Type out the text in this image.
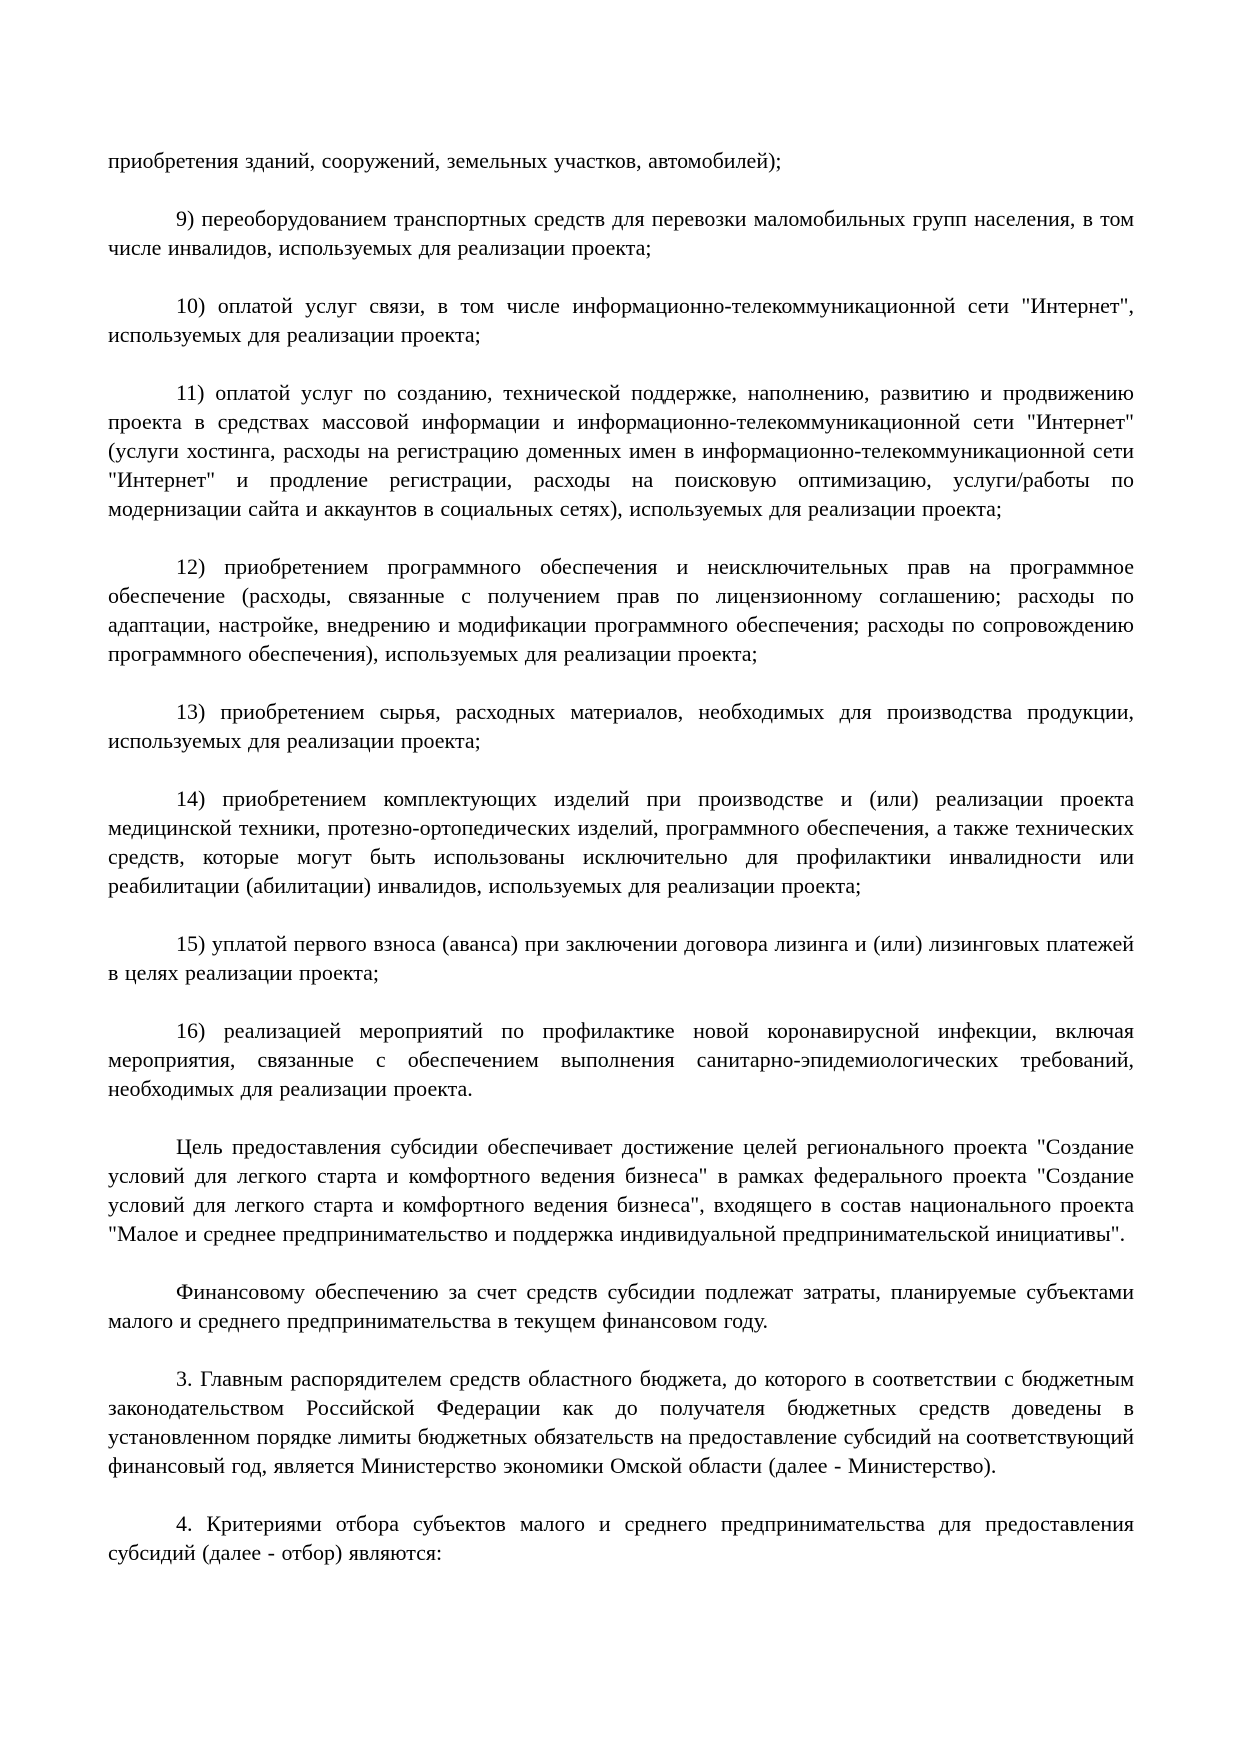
приобретения зданий, сооружений, земельных участков, автомобилей);

9) переоборудованием транспортных средств для перевозки маломобильных групп населения, в том числе инвалидов, используемых для реализации проекта;

10) оплатой услуг связи, в том числе информационно-телекоммуникационной сети "Интернет", используемых для реализации проекта;

11) оплатой услуг по созданию, технической поддержке, наполнению, развитию и продвижению проекта в средствах массовой информации и информационно-телекоммуникационной сети "Интернет" (услуги хостинга, расходы на регистрацию доменных имен в информационно-телекоммуникационной сети "Интернет" и продление регистрации, расходы на поисковую оптимизацию, услуги/работы по модернизации сайта и аккаунтов в социальных сетях), используемых для реализации проекта;

12) приобретением программного обеспечения и неисключительных прав на программное обеспечение (расходы, связанные с получением прав по лицензионному соглашению; расходы по адаптации, настройке, внедрению и модификации программного обеспечения; расходы по сопровождению программного обеспечения), используемых для реализации проекта;

13) приобретением сырья, расходных материалов, необходимых для производства продукции, используемых для реализации проекта;

14) приобретением комплектующих изделий при производстве и (или) реализации проекта медицинской техники, протезно-ортопедических изделий, программного обеспечения, а также технических средств, которые могут быть использованы исключительно для профилактики инвалидности или реабилитации (абилитации) инвалидов, используемых для реализации проекта;

15) уплатой первого взноса (аванса) при заключении договора лизинга и (или) лизинговых платежей в целях реализации проекта;

16) реализацией мероприятий по профилактике новой коронавирусной инфекции, включая мероприятия, связанные с обеспечением выполнения санитарно-эпидемиологических требований, необходимых для реализации проекта.

Цель предоставления субсидии обеспечивает достижение целей регионального проекта "Создание условий для легкого старта и комфортного ведения бизнеса" в рамках федерального проекта "Создание условий для легкого старта и комфортного ведения бизнеса", входящего в состав национального проекта "Малое и среднее предпринимательство и поддержка индивидуальной предпринимательской инициативы".

Финансовому обеспечению за счет средств субсидии подлежат затраты, планируемые субъектами малого и среднего предпринимательства в текущем финансовом году.

3. Главным распорядителем средств областного бюджета, до которого в соответствии с бюджетным законодательством Российской Федерации как до получателя бюджетных средств доведены в установленном порядке лимиты бюджетных обязательств на предоставление субсидий на соответствующий финансовый год, является Министерство экономики Омской области (далее - Министерство).

4. Критериями отбора субъектов малого и среднего предпринимательства для предоставления субсидий (далее - отбор) являются:
